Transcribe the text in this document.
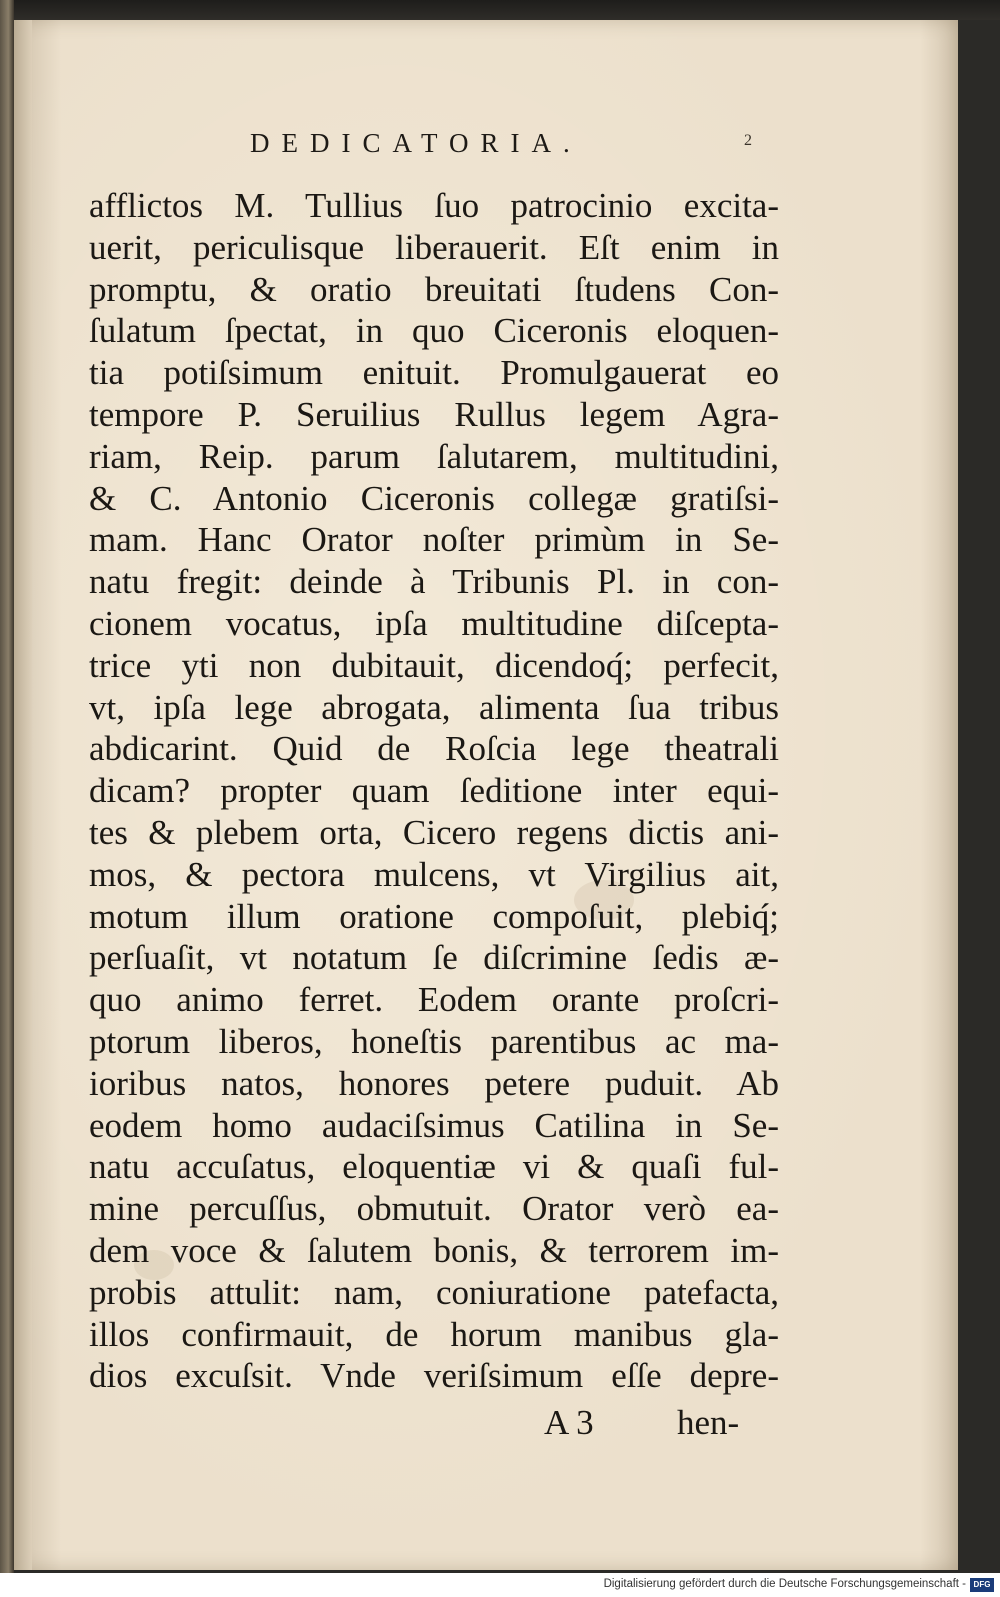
DEDICATORIA.	2
afflictos M. Tullius ſuo patrocinio excita-
uerit, periculisque liberauerit. Eſt enim in
promptu, & oratio breuitati ſtudens Con-
ſulatum ſpectat, in quo Ciceronis eloquen-
tia potiſsimum enituit. Promulgauerat eo
tempore P. Seruilius Rullus legem Agra-
riam, Reip. parum ſalutarem, multitudini,
& C. Antonio Ciceronis collegæ gratiſsi-
mam. Hanc Orator noſter primùm in Se-
natu fregit: deinde à Tribunis Pl. in con-
cionem vocatus, ipſa multitudine diſcepta-
trice yti non dubitauit, dicendoq́; perfecit,
vt, ipſa lege abrogata, alimenta ſua tribus
abdicarint. Quid de Roſcia lege theatrali
dicam? propter quam ſeditione inter equi-
tes & plebem orta, Cicero regens dictis ani-
mos, & pectora mulcens, vt Virgilius ait,
motum illum oratione compoſuit, plebiq́;
perſuaſit, vt notatum ſe diſcrimine ſedis æ-
quo animo ferret. Eodem orante proſcri-
ptorum liberos, honeſtis parentibus ac ma-
ioribus natos, honores petere puduit. Ab
eodem homo audaciſsimus Catilina in Se-
natu accuſatus, eloquentiæ vi & quaſi ful-
mine percuſſus, obmutuit. Orator verò ea-
dem voce & ſalutem bonis, & terrorem im-
probis attulit: nam, coniuratione patefacta,
illos confirmauit, de horum manibus gla-
dios excuſsit. Vnde veriſsimum eſſe depre-
A 3 hen-
Digitalisierung gefördert durch die Deutsche Forschungsgemeinschaft - DFG
